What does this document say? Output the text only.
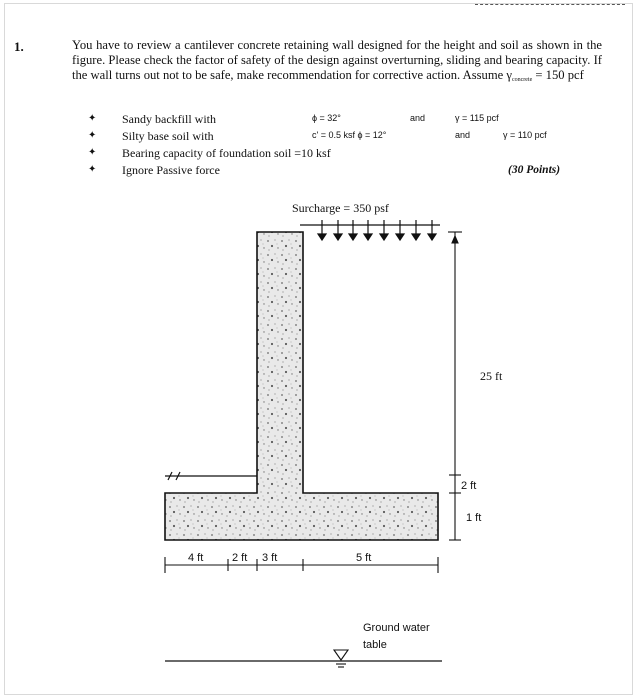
1.	You have to review a cantilever concrete retaining wall designed for the height and soil as shown in the figure. Please check the factor of safety of the design against overturning, sliding and bearing capacity. If the wall turns out not to be safe, make recommendation for corrective action. Assume γconcrete = 150 pcf
✦ Sandy backfill with	ϕ = 32°	and	γ = 115 pcf
✦ Silty base soil with	c' = 0.5 ksf ϕ = 12°	and	γ = 110 pcf
✦ Bearing capacity of foundation soil =10 ksf
✦ Ignore Passive force	(30 Points)
Surcharge = 350 psf
25 ft
2 ft
1 ft
4 ft	2 ft 3 ft	5 ft
Ground water
table
